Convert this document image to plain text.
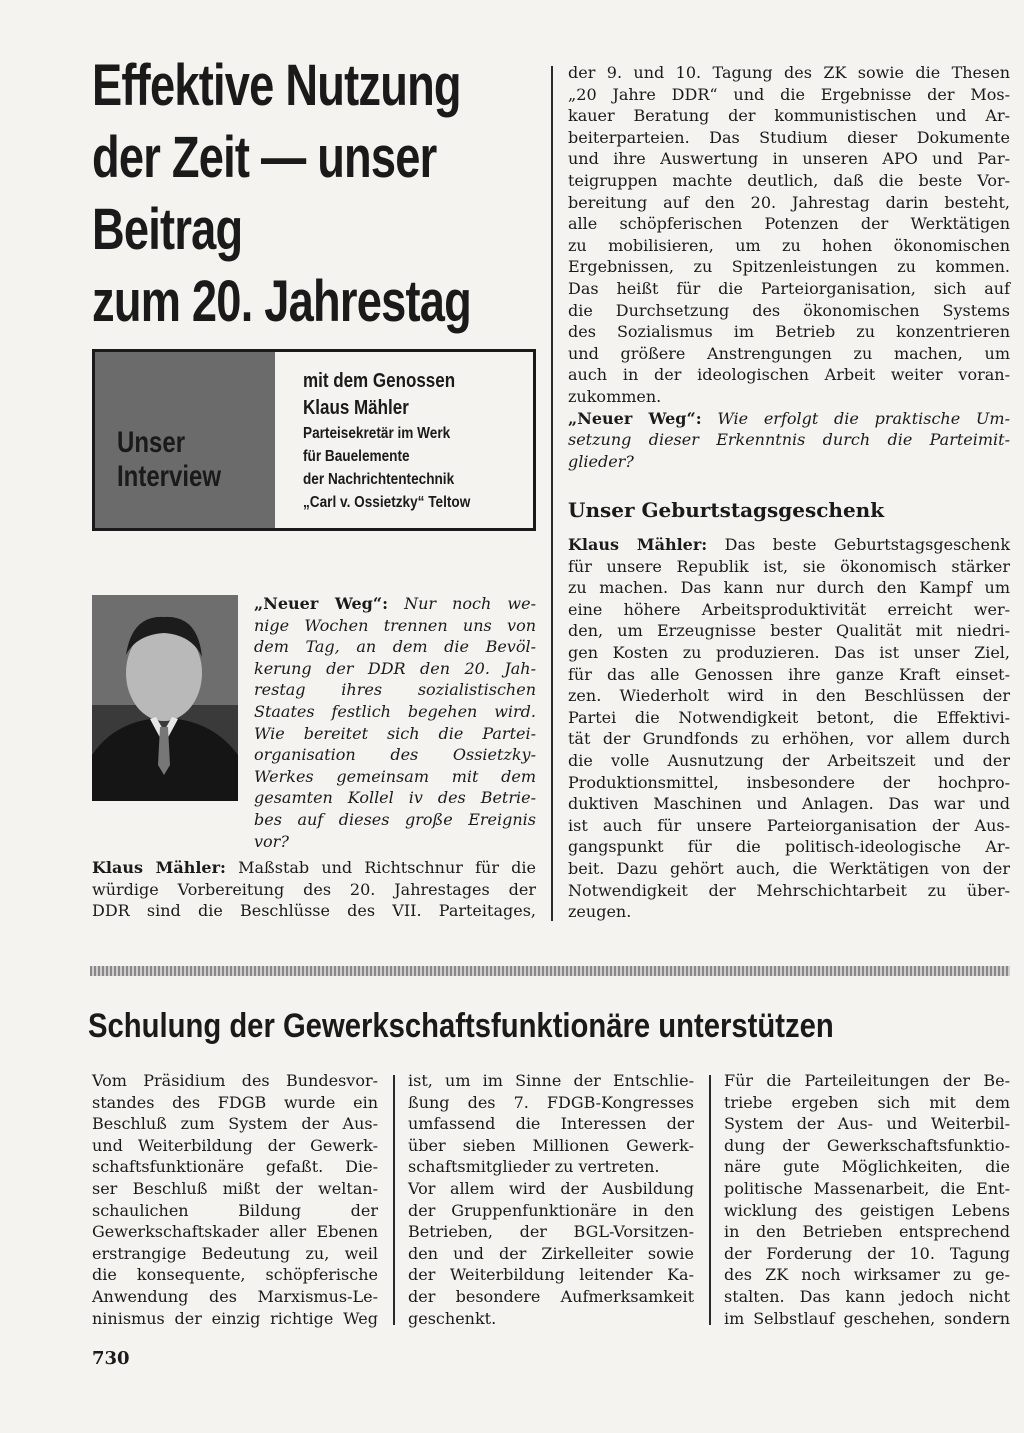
Effektive Nutzung
der Zeit — unser
Beitrag
zum 20. Jahrestag
Unser
Interview
mit dem Genossen
Klaus Mähler
Parteisekretär im Werk
für Bauelemente
der Nachrichtentechnik
„Carl v. Ossietzky“ Teltow
„Neuer Weg“: Nur noch we-
nige Wochen trennen uns von
dem Tag, an dem die Bevöl-
kerung der DDR den 20. Jah-
restag ihres sozialistischen
Staates festlich begehen wird.
Wie bereitet sich die Partei-
organisation des Ossietzky-
Werkes gemeinsam mit dem
gesamten Kollel iv des Betrie-
bes auf dieses große Ereignis
vor?
Klaus Mähler: Maßstab und Richtschnur für die
würdige Vorbereitung des 20. Jahrestages der
DDR sind die Beschlüsse des VII. Parteitages,
der 9. und 10. Tagung des ZK sowie die Thesen
„20 Jahre DDR“ und die Ergebnisse der Mos-
kauer Beratung der kommunistischen und Ar-
beiterparteien. Das Studium dieser Dokumente
und ihre Auswertung in unseren APO und Par-
teigruppen machte deutlich, daß die beste Vor-
bereitung auf den 20. Jahrestag darin besteht,
alle schöpferischen Potenzen der Werktätigen
zu mobilisieren, um zu hohen ökonomischen
Ergebnissen, zu Spitzenleistungen zu kommen.
Das heißt für die Parteiorganisation, sich auf
die Durchsetzung des ökonomischen Systems
des Sozialismus im Betrieb zu konzentrieren
und größere Anstrengungen zu machen, um
auch in der ideologischen Arbeit weiter voran-
zukommen.
„Neuer Weg“: Wie erfolgt die praktische Um-
setzung dieser Erkenntnis durch die Parteimit-
glieder?
Unser Geburtstagsgeschenk
Klaus Mähler: Das beste Geburtstagsgeschenk
für unsere Republik ist, sie ökonomisch stärker
zu machen. Das kann nur durch den Kampf um
eine höhere Arbeitsproduktivität erreicht wer-
den, um Erzeugnisse bester Qualität mit niedri-
gen Kosten zu produzieren. Das ist unser Ziel,
für das alle Genossen ihre ganze Kraft einset-
zen. Wiederholt wird in den Beschlüssen der
Partei die Notwendigkeit betont, die Effektivi-
tät der Grundfonds zu erhöhen, vor allem durch
die volle Ausnutzung der Arbeitszeit und der
Produktionsmittel, insbesondere der hochpro-
duktiven Maschinen und Anlagen. Das war und
ist auch für unsere Parteiorganisation der Aus-
gangspunkt für die politisch-ideologische Ar-
beit. Dazu gehört auch, die Werktätigen von der
Notwendigkeit der Mehrschichtarbeit zu über-
zeugen.
Schulung der Gewerkschaftsfunktionäre unterstützen
Vom Präsidium des Bundesvor-
standes des FDGB wurde ein
Beschluß zum System der Aus-
und Weiterbildung der Gewerk-
schaftsfunktionäre gefaßt. Die-
ser Beschluß mißt der weltan-
schaulichen Bildung der
Gewerkschaftskader aller Ebenen
erstrangige Bedeutung zu, weil
die konsequente, schöpferische
Anwendung des Marxismus-Le-
ninismus der einzig richtige Weg
ist, um im Sinne der Entschlie-
ßung des 7. FDGB-Kongresses
umfassend die Interessen der
über sieben Millionen Gewerk-
schaftsmitglieder zu vertreten.
Vor allem wird der Ausbildung
der Gruppenfunktionäre in den
Betrieben, der BGL-Vorsitzen-
den und der Zirkelleiter sowie
der Weiterbildung leitender Ka-
der besondere Aufmerksamkeit
geschenkt.
Für die Parteileitungen der Be-
triebe ergeben sich mit dem
System der Aus- und Weiterbil-
dung der Gewerkschaftsfunktio-
näre gute Möglichkeiten, die
politische Massenarbeit, die Ent-
wicklung des geistigen Lebens
in den Betrieben entsprechend
der Forderung der 10. Tagung
des ZK noch wirksamer zu ge-
stalten. Das kann jedoch nicht
im Selbstlauf geschehen, sondern
730
